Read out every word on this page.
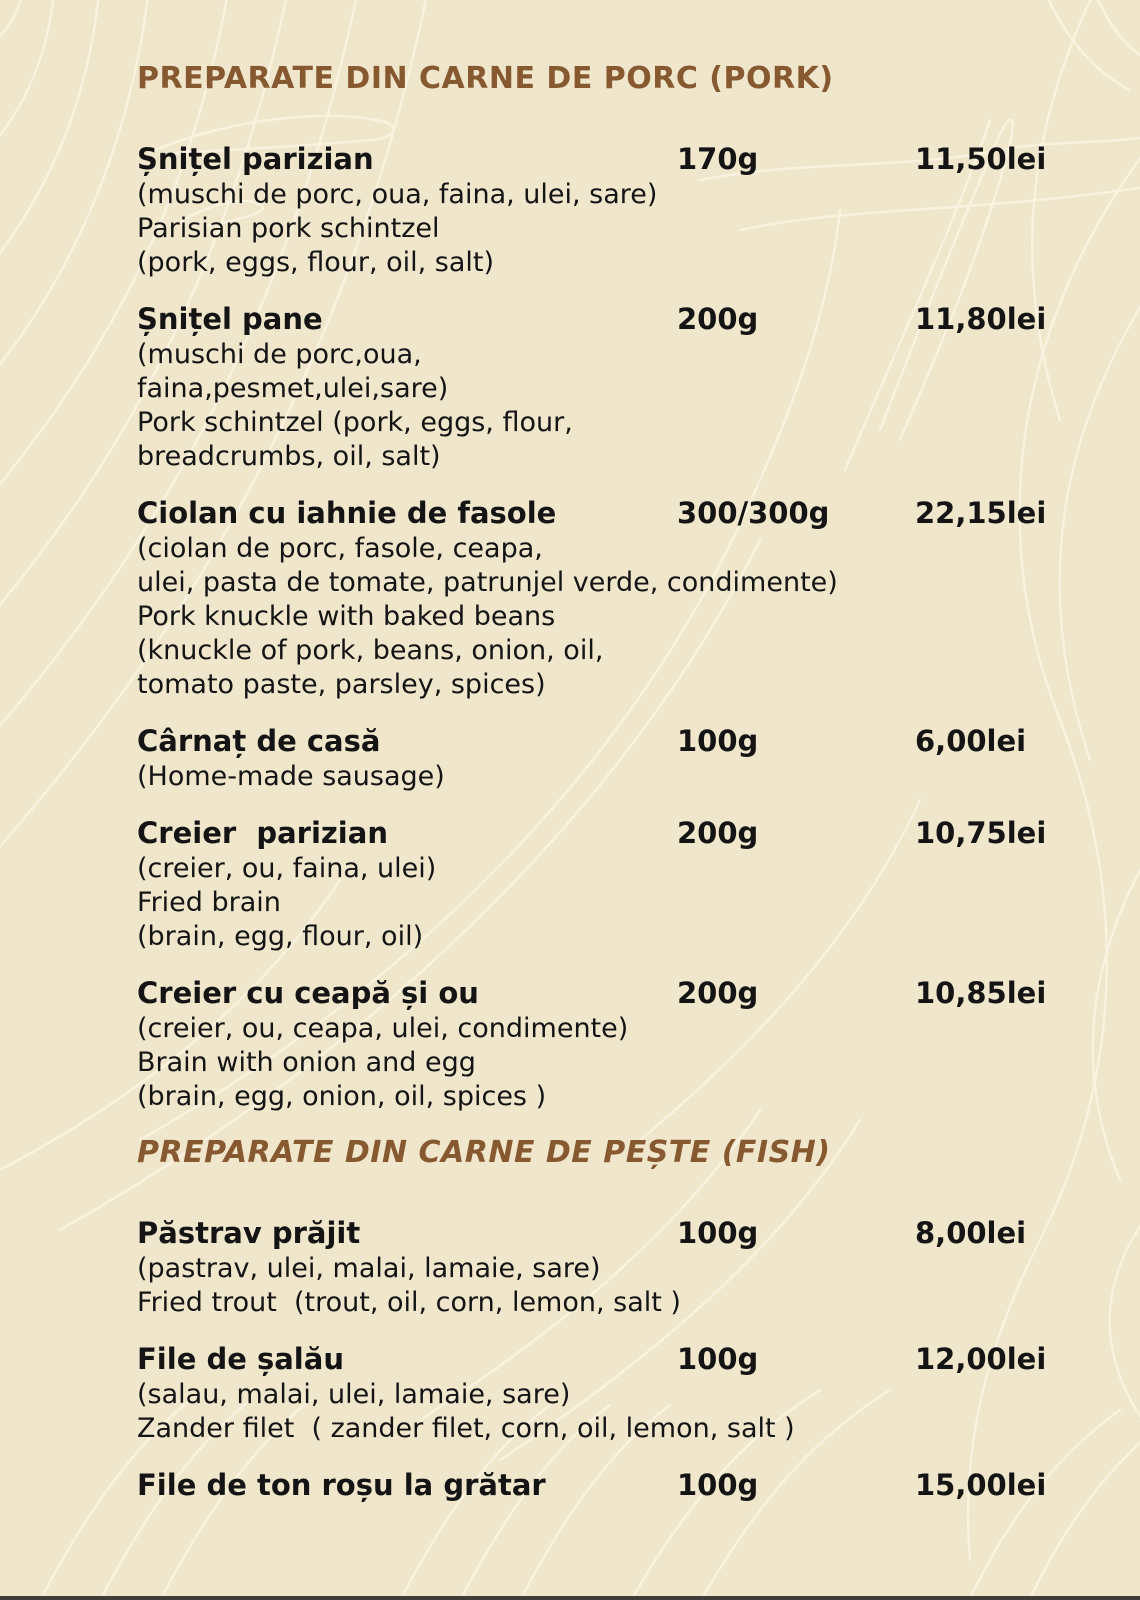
PREPARATE DIN CARNE DE PORC (PORK)
Șnițel parizian	170g	11,50lei
(muschi de porc, oua, faina, ulei, sare)
Parisian pork schintzel
(pork, eggs, flour, oil, salt)
Șnițel pane	200g	11,80lei
(muschi de porc,oua,
faina,pesmet,ulei,sare)
Pork schintzel (pork, eggs, flour,
breadcrumbs, oil, salt)
Ciolan cu iahnie de fasole	300/300g	22,15lei
(ciolan de porc, fasole, ceapa,
ulei, pasta de tomate, patrunjel verde, condimente)
Pork knuckle with baked beans
(knuckle of pork, beans, onion, oil,
tomato paste, parsley, spices)
Cârnaț de casă	100g	6,00lei
(Home-made sausage)
Creier  parizian	200g	10,75lei
(creier, ou, faina, ulei)
Fried brain
(brain, egg, flour, oil)
Creier cu ceapă și ou	200g	10,85lei
(creier, ou, ceapa, ulei, condimente)
Brain with onion and egg
(brain, egg, onion, oil, spices )
PREPARATE DIN CARNE DE PEȘTE (FISH)
Păstrav prăjit	100g	8,00lei
(pastrav, ulei, malai, lamaie, sare)
Fried trout  (trout, oil, corn, lemon, salt )
File de șalău	100g	12,00lei
(salau, malai, ulei, lamaie, sare)
Zander filet  ( zander filet, corn, oil, lemon, salt )
File de ton roșu la grătar	100g	15,00lei
